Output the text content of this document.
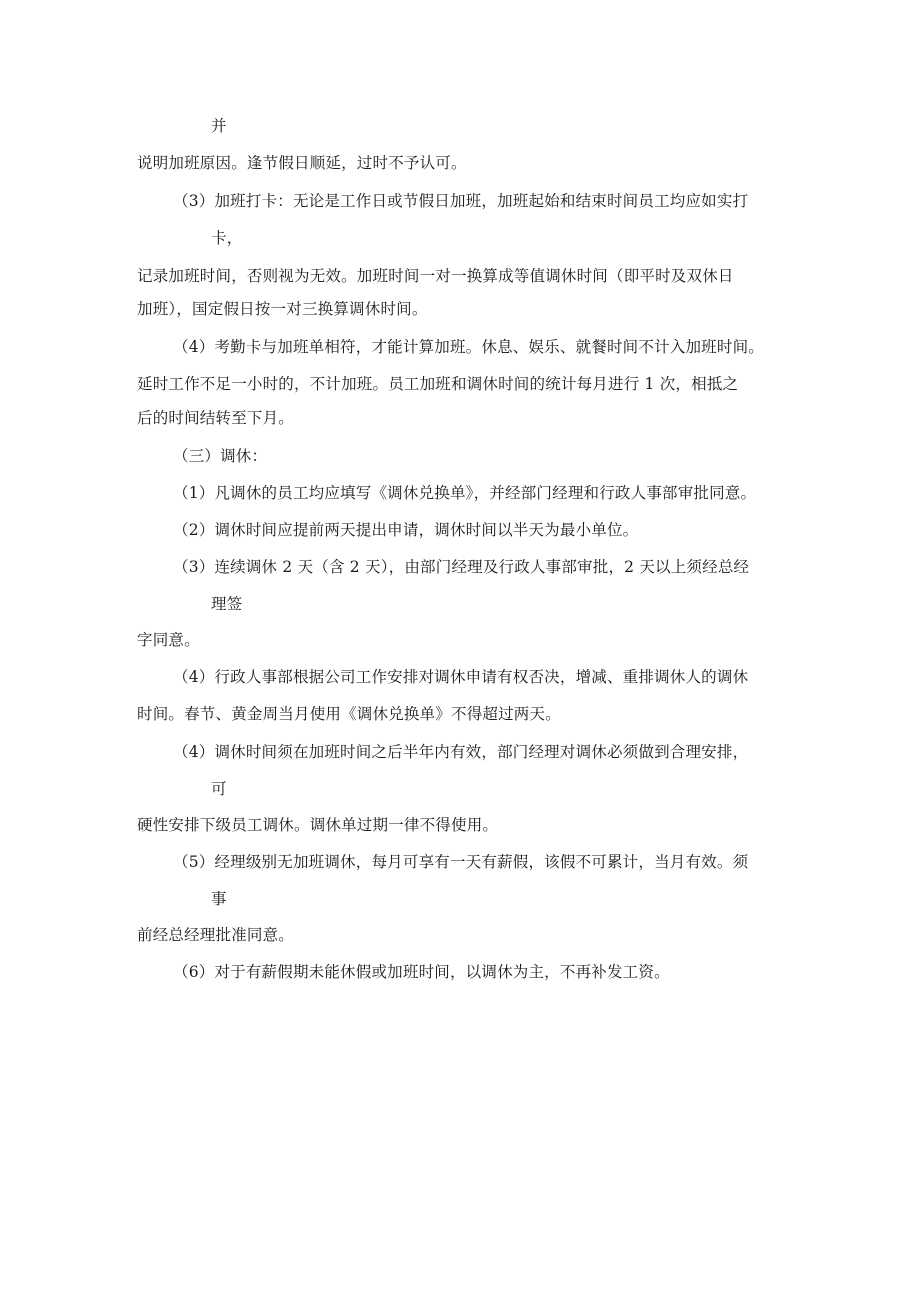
并
说明加班原因。逢节假日顺延，过时不予认可。
（3）加班打卡：无论是工作日或节假日加班，加班起始和结束时间员工均应如实打
卡，
记录加班时间，否则视为无效。加班时间一对一换算成等值调休时间（即平时及双休日
加班），国定假日按一对三换算调休时间。
（4）考勤卡与加班单相符，才能计算加班。休息、娱乐、就餐时间不计入加班时间。
延时工作不足一小时的，不计加班。员工加班和调休时间的统计每月进行 1 次，相抵之
后的时间结转至下月。
（三）调休：
（1）凡调休的员工均应填写《调休兑换单》，并经部门经理和行政人事部审批同意。
（2）调休时间应提前两天提出申请，调休时间以半天为最小单位。
（3）连续调休 2 天（含 2 天），由部门经理及行政人事部审批，2 天以上须经总经
理签
字同意。
（4）行政人事部根据公司工作安排对调休申请有权否决，增减、重排调休人的调休
时间。春节、黄金周当月使用《调休兑换单》不得超过两天。
（4）调休时间须在加班时间之后半年内有效，部门经理对调休必须做到合理安排，
可
硬性安排下级员工调休。调休单过期一律不得使用。
（5）经理级别无加班调休，每月可享有一天有薪假，该假不可累计，当月有效。须
事
前经总经理批准同意。
（6）对于有薪假期未能休假或加班时间，以调休为主，不再补发工资。
